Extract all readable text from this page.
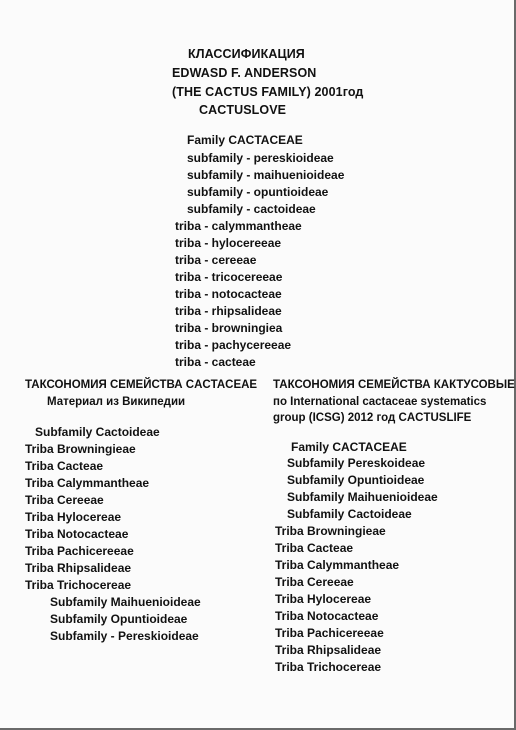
КЛАССИФИКАЦИЯ
EDWASD F. ANDERSON
(THE CACTUS FAMILY) 2001год
CACTUSLOVE
Family CACTACEAE
subfamily - pereskioideae
subfamily - maihuenioideae
subfamily - opuntioideae
subfamily - cactoideae
triba - calymmantheae
triba - hylocereeae
triba - cereeae
triba - tricocereeae
triba - notocacteae
triba - rhipsalideae
triba - browningiea
triba - pachycereeae
triba - cacteae
ТАКСОНОМИЯ СЕМЕЙСТВА CACTACEAE
Материал из Википедии
Subfamily Cactoideae
Triba Browningieae
Triba Cacteae
Triba Calymmantheae
Triba Cereeae
Triba Hylocereae
Triba Notocacteae
Triba Pachicereeae
Triba Rhipsalideae
Triba Trichocereae
Subfamily Maihuenioideae
Subfamily Opuntioideae
Subfamily - Pereskioideae
ТАКСОНОМИЯ СЕМЕЙСТВА КАКТУСОВЫЕ
по International cactaceae systematics
group (ICSG) 2012 год CACTUSLIFE
Family CACTACEAE
Subfamily Pereskoideae
Subfamily Opuntioideae
Subfamily Maihuenioideae
Subfamily Cactoideae
Triba Browningieae
Triba Cacteae
Triba Calymmantheae
Triba Cereeae
Triba Hylocereae
Triba Notocacteae
Triba Pachicereeae
Triba Rhipsalideae
Triba Trichocereae
